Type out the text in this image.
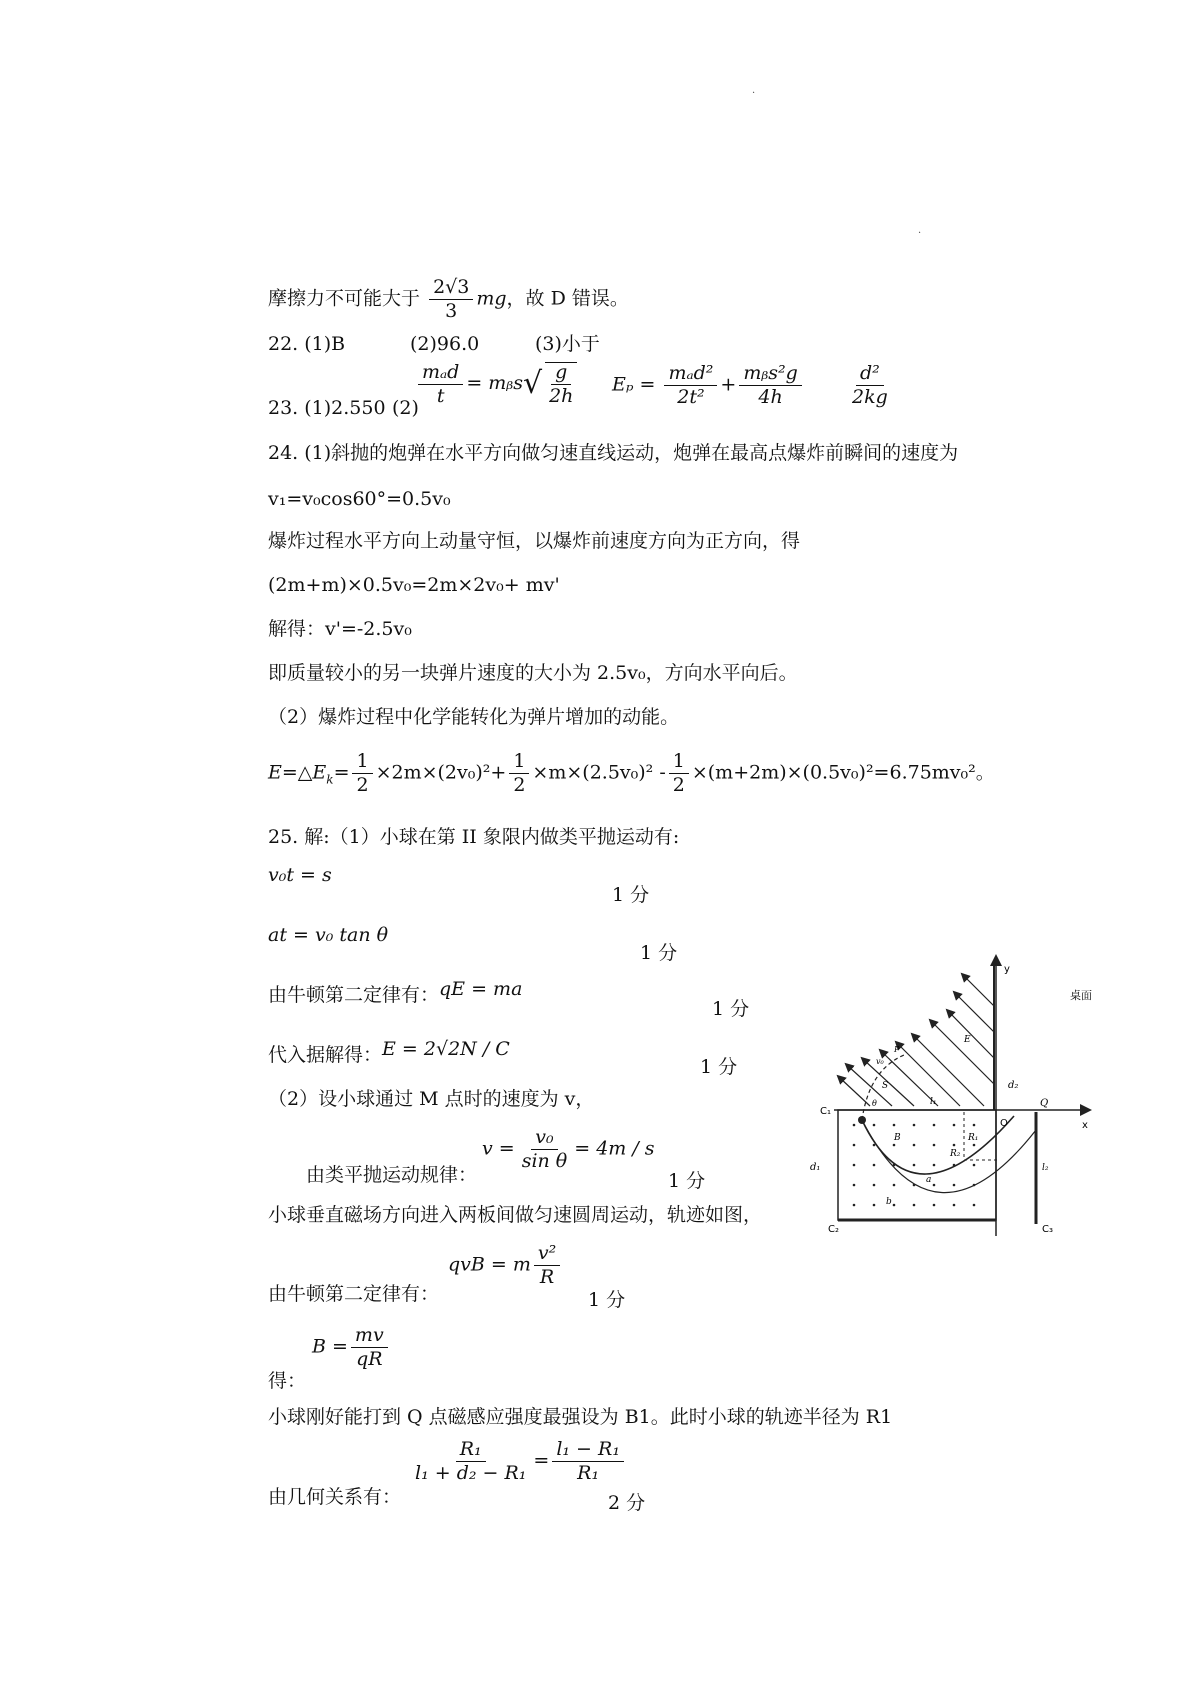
·
·
摩擦力不可能大于 $\frac{2√3}{3}$ mg，故 D 错误。
22. (1)B	(2)96.0	(3)小于
23. (1)2.550 (2)
$\frac{\text{mₐd}}{t}$ = mᵦs√ $\frac{g}{2h}$ $E_p = \frac{\text{mₐd²}}{\text{2t²}} + \frac{\text{mᵦs²g}}{4h} \frac{\text{d²}}{2kg}$
24. (1)斜抛的炮弹在水平方向做匀速直线运动，炮弹在最高点爆炸前瞬间的速度为
v₁=v₀cos60°=0.5v₀
爆炸过程水平方向上动量守恒，以爆炸前速度方向为正方向，得
(2m+m)×0.5v₀=2m×2v₀+ mv'
解得：v'=-2.5v₀
即质量较小的另一块弹片速度的大小为 2.5v₀，方向水平向后。
（2）爆炸过程中化学能转化为弹片增加的动能。
$E=\triangle E_k= \frac{1}{2} \times 2m\times(2v_0)^2+ \frac{1}{2} \times m\times(2.5v_0)^2 - \frac{1}{2} \times(m+2m)\times(0.5v_0)^2=6.75mv_0^2$。
25. 解:（1）小球在第 II 象限内做类平抛运动有:
v₀t = s
1 分
at = v₀ tan θ
1 分
由牛顿第二定律有：qE = ma
1 分
代入据解得：E = 2√2N / C
1 分
（2）设小球通过 M 点时的速度为 v，
$v = \frac{\text{v₀}}{\text{sin θ}} = 4m / s$
由类平抛运动规律：	1 分
小球垂直磁场方向进入两板间做匀速圆周运动，轨迹如图，
qvB = m $\frac{\text{v²}}{R}$
由牛顿第二定律有：	1 分
$B = \frac{mv}{qR}$
得：
小球刚好能打到 Q 点磁感应强度最强设为 B1。此时小球的轨迹半径为 R1
$\frac{\text{R₁}}{\text{l₁ + d₂ − R₁}} = \frac{\text{l₁ − R₁}}{\text{R₁}}$
由几何关系有：	2 分
桌面
y
x
E
O
Q
C₁
C₂	C₃
d₁
d₂
l₁
l₂
S
B
a
b
R₁
R₂
v₀
θ
P
